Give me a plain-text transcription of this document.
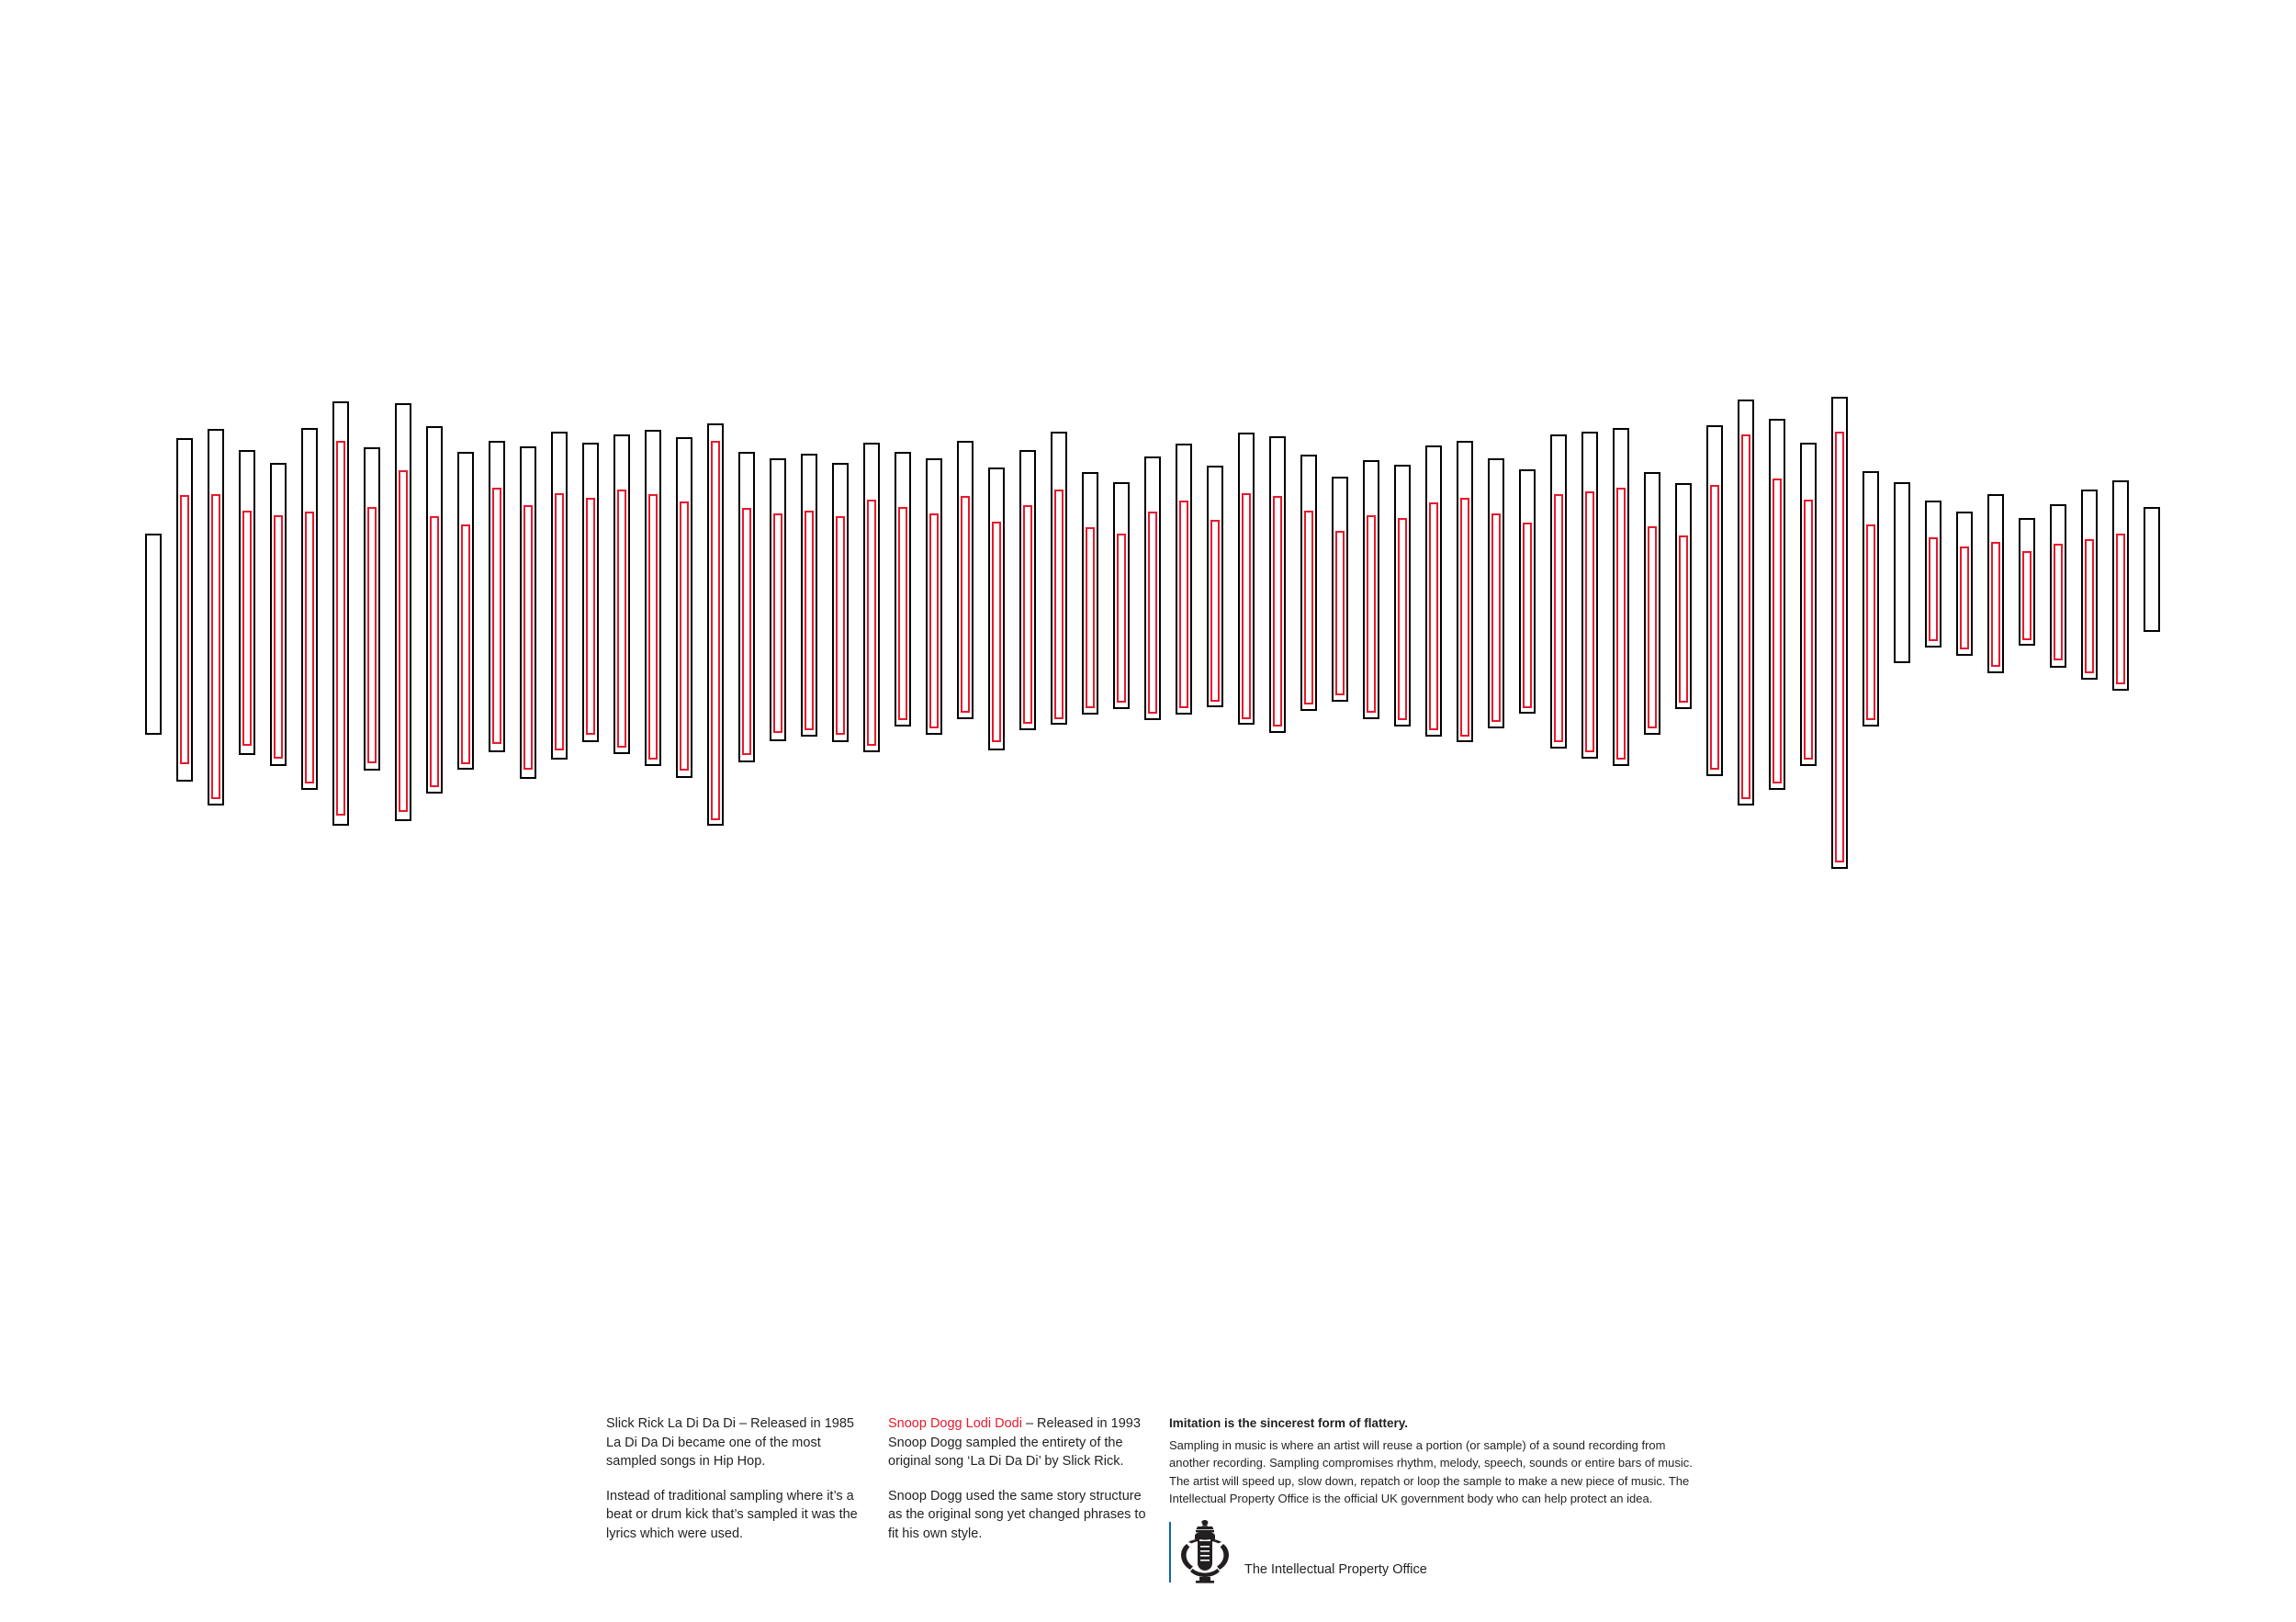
Slick Rick La Di Da Di – Released in 1985 La Di Da Di became one of the most sampled songs in Hip Hop.

Instead of traditional sampling where it’s a beat or drum kick that’s sampled it was the lyrics which were used.

Snoop Dogg Lodi Dodi – Released in 1993 Snoop Dogg sampled the entirety of the original song ‘La Di Da Di’ by Slick Rick.

Snoop Dogg used the same story structure as the original song yet changed phrases to fit his own style.

Imitation is the sincerest form of flattery.

Sampling in music is where an artist will reuse a portion (or sample) of a sound recording from another recording. Sampling compromises rhythm, melody, speech, sounds or entire bars of music. The artist will speed up, slow down, repatch or loop the sample to make a new piece of music. The Intellectual Property Office is the official UK government body who can help protect an idea.

The Intellectual Property Office
